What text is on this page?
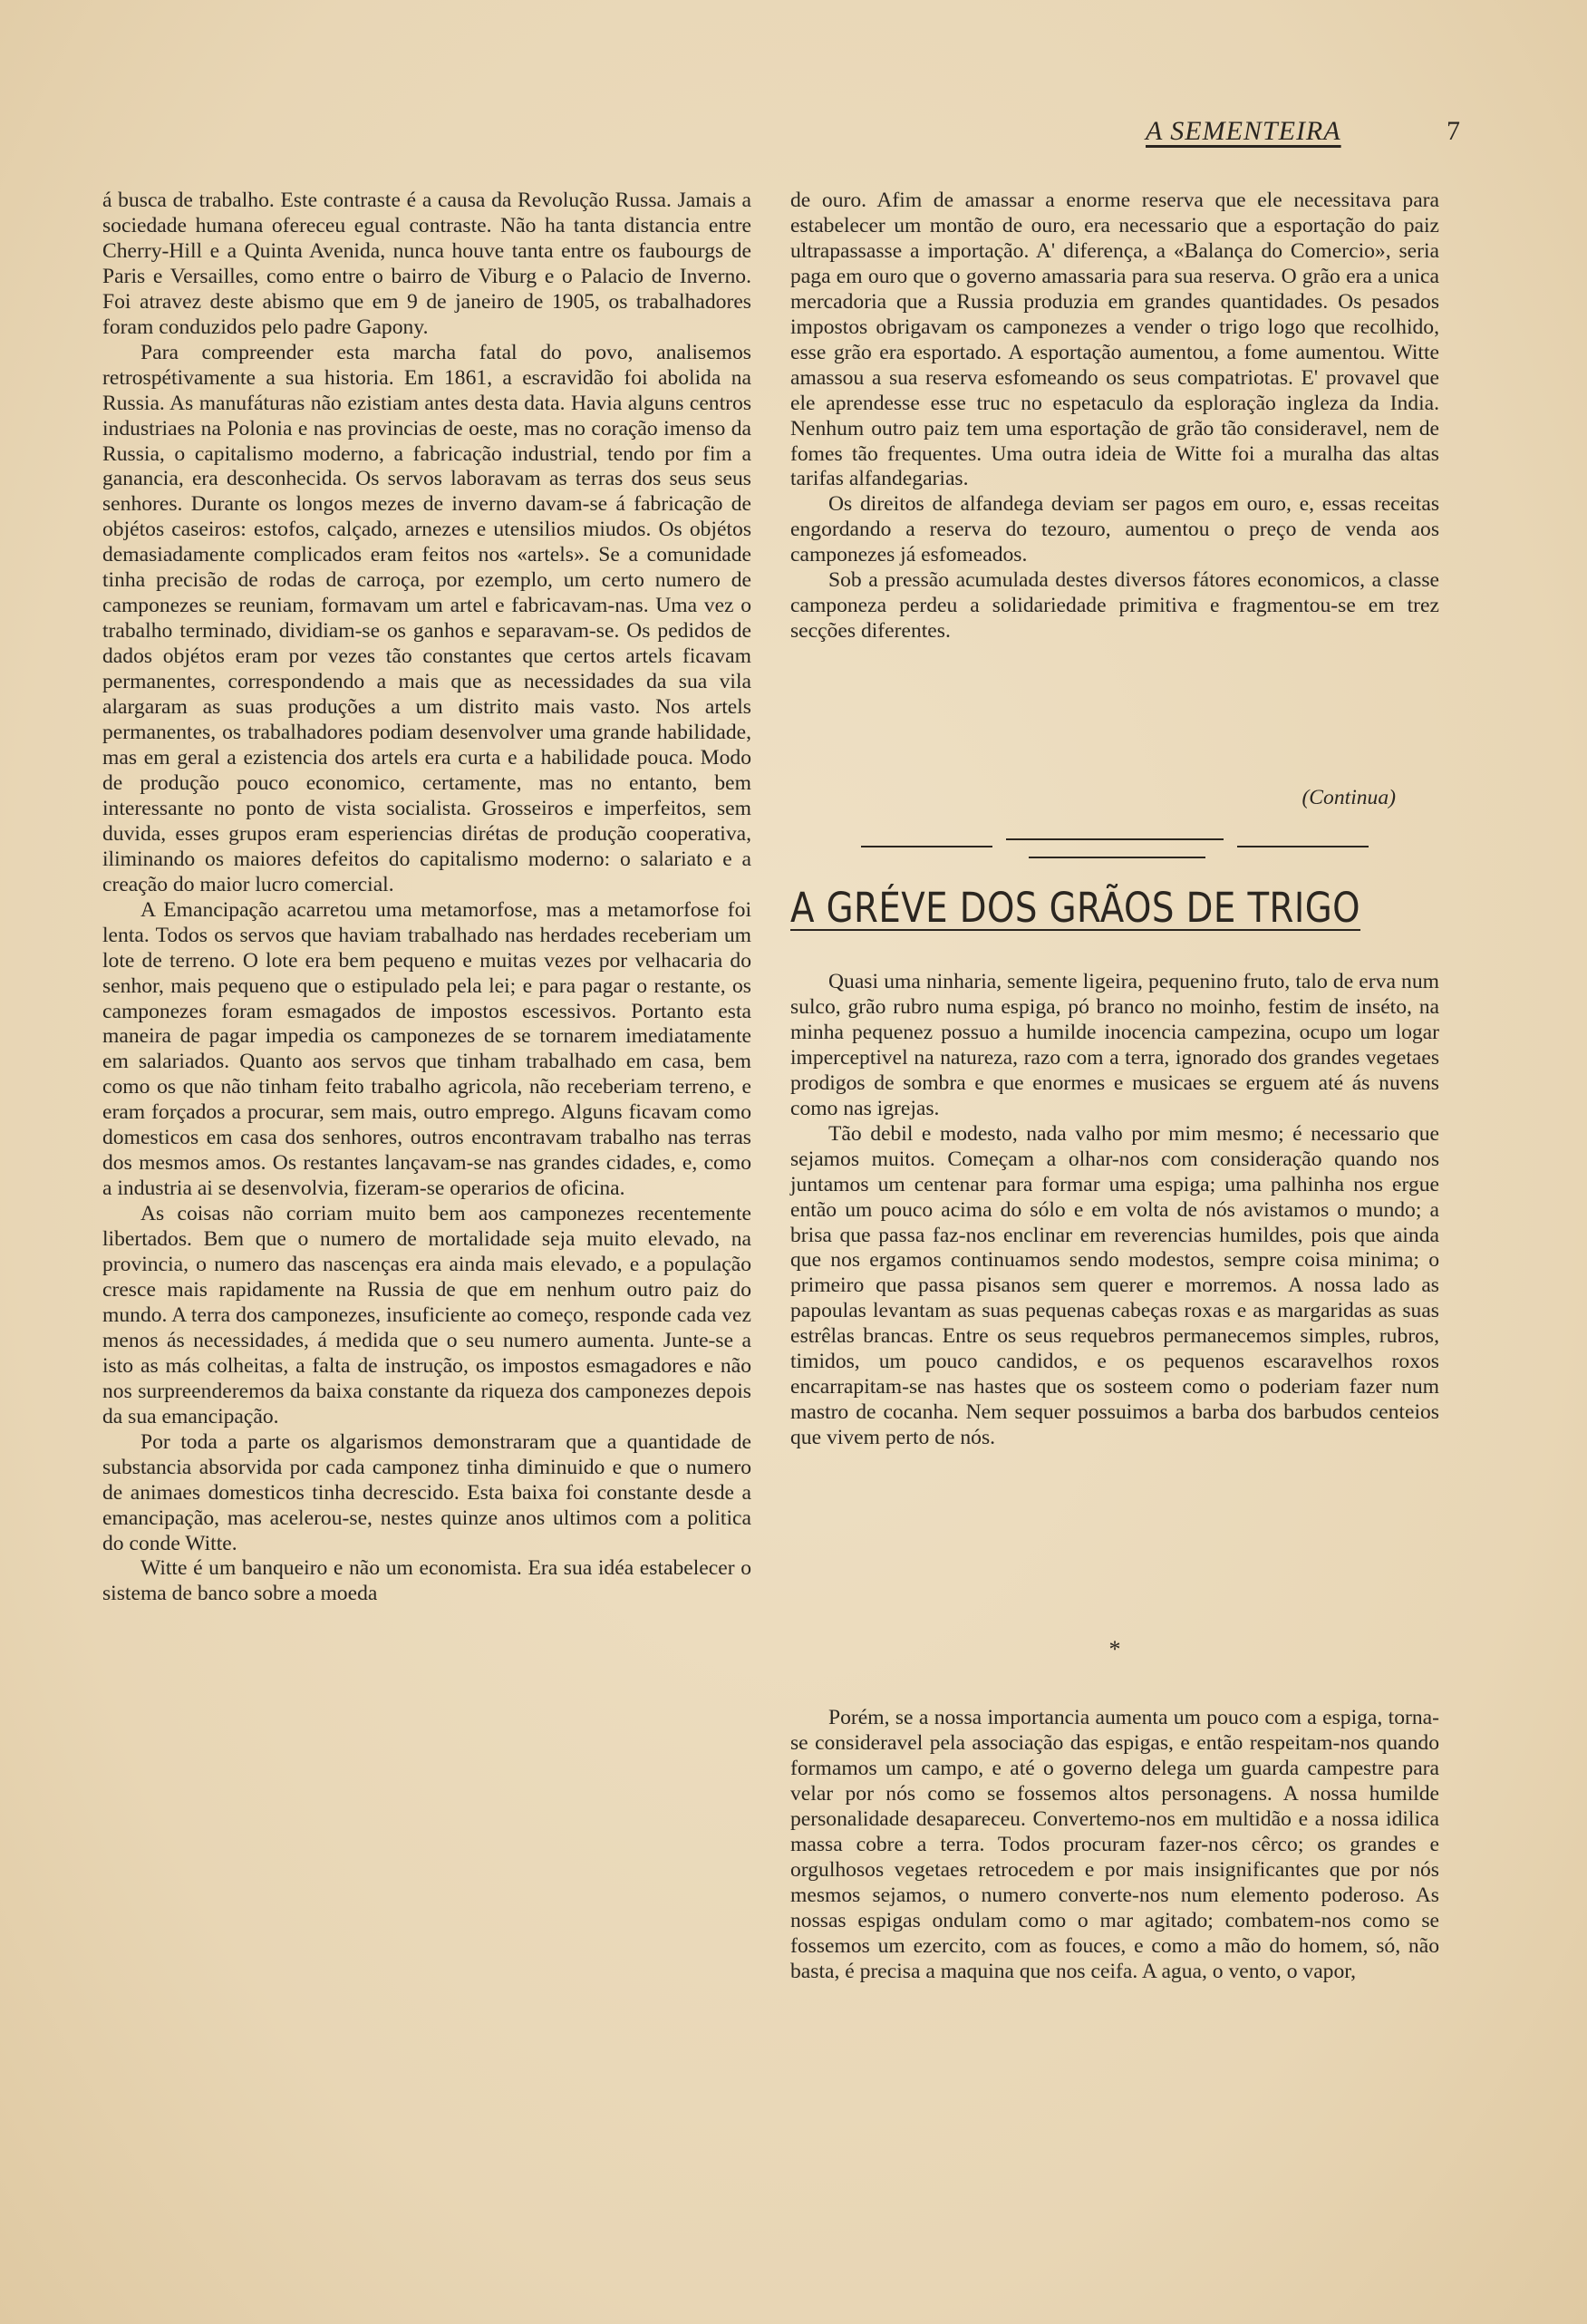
A SEMENTEIRA	7

á busca de trabalho. Este contraste é a causa da Revolução Russa. Jamais a sociedade humana ofereceu egual contraste. Não ha tanta distancia entre Cherry-Hill e a Quinta Avenida, nunca houve tanta entre os faubourgs de Paris e Versailles, como entre o bairro de Viburg e o Palacio de Inverno. Foi atravez deste abismo que em 9 de janeiro de 1905, os trabalhadores foram conduzidos pelo padre Gapony.

Para compreender esta marcha fatal do povo, analisemos retrospétivamente a sua historia. Em 1861, a escravidão foi abolida na Russia. As manufáturas não ezistiam antes desta data. Havia alguns centros industriaes na Polonia e nas provincias de oeste, mas no coração imenso da Russia, o capitalismo moderno, a fabricação industrial, tendo por fim a ganancia, era desconhecida. Os servos laboravam as terras dos seus seus senhores. Durante os longos mezes de inverno davam-se á fabricação de objétos caseiros: estofos, calçado, arnezes e utensilios miudos. Os objétos demasiadamente complicados eram feitos nos «artels». Se a comunidade tinha precisão de rodas de carroça, por ezemplo, um certo numero de camponezes se reuniam, formavam um artel e fabricavam-nas. Uma vez o trabalho terminado, dividiam-se os ganhos e separavam-se. Os pedidos de dados objétos eram por vezes tão constantes que certos artels ficavam permanentes, correspondendo a mais que as necessidades da sua vila alargaram as suas produções a um distrito mais vasto. Nos artels permanentes, os trabalhadores podiam desenvolver uma grande habilidade, mas em geral a ezistencia dos artels era curta e a habilidade pouca. Modo de produção pouco economico, certamente, mas no entanto, bem interessante no ponto de vista socialista. Grosseiros e imperfeitos, sem duvida, esses grupos eram esperiencias dirétas de produção cooperativa, iliminando os maiores defeitos do capitalismo moderno: o salariato e a creação do maior lucro comercial.

A Emancipação acarretou uma metamorfose, mas a metamorfose foi lenta. Todos os servos que haviam trabalhado nas herdades receberiam um lote de terreno. O lote era bem pequeno e muitas vezes por velhacaria do senhor, mais pequeno que o estipulado pela lei; e para pagar o restante, os camponezes foram esmagados de impostos escessivos. Portanto esta maneira de pagar impedia os camponezes de se tornarem imediatamente em salariados. Quanto aos servos que tinham trabalhado em casa, bem como os que não tinham feito trabalho agricola, não receberiam terreno, e eram forçados a procurar, sem mais, outro emprego. Alguns ficavam como domesticos em casa dos senhores, outros encontravam trabalho nas terras dos mesmos amos. Os restantes lançavam-se nas grandes cidades, e, como a industria ai se desenvolvia, fizeram-se operarios de oficina.

As coisas não corriam muito bem aos camponezes recentemente libertados. Bem que o numero de mortalidade seja muito elevado, na provincia, o numero das nascenças era ainda mais elevado, e a população cresce mais rapidamente na Russia de que em nenhum outro paiz do mundo. A terra dos camponezes, insuficiente ao começo, responde cada vez menos ás necessidades, á medida que o seu numero aumenta. Junte-se a isto as más colheitas, a falta de instrução, os impostos esmagadores e não nos surpreenderemos da baixa constante da riqueza dos camponezes depois da sua emancipação.

Por toda a parte os algarismos demonstraram que a quantidade de substancia absorvida por cada camponez tinha diminuido e que o numero de animaes domesticos tinha decrescido. Esta baixa foi constante desde a emancipação, mas acelerou-se, nestes quinze anos ultimos com a politica do conde Witte.

Witte é um banqueiro e não um economista. Era sua idéa estabelecer o sistema de banco sobre a moeda

de ouro. Afim de amassar a enorme reserva que ele necessitava para estabelecer um montão de ouro, era necessario que a esportação do paiz ultrapassasse a importação. A' diferença, a «Balança do Comercio», seria paga em ouro que o governo amassaria para sua reserva. O grão era a unica mercadoria que a Russia produzia em grandes quantidades. Os pesados impostos obrigavam os camponezes a vender o trigo logo que recolhido, esse grão era esportado. A esportação aumentou, a fome aumentou. Witte amassou a sua reserva esfomeando os seus compatriotas. E' provavel que ele aprendesse esse truc no espetaculo da esploração ingleza da India. Nenhum outro paiz tem uma esportação de grão tão consideravel, nem de fomes tão frequentes. Uma outra ideia de Witte foi a muralha das altas tarifas alfandegarias.

Os direitos de alfandega deviam ser pagos em ouro, e, essas receitas engordando a reserva do tezouro, aumentou o preço de venda aos camponezes já esfomeados.

Sob a pressão acumulada destes diversos fátores economicos, a classe camponeza perdeu a solidariedade primitiva e fragmentou-se em trez secções diferentes.

(Continua)
A GRÉVE DOS GRÃOS DE TRIGO

Quasi uma ninharia, semente ligeira, pequenino fruto, talo de erva num sulco, grão rubro numa espiga, pó branco no moinho, festim de inséto, na minha pequenez possuo a humilde inocencia campezina, ocupo um logar imperceptivel na natureza, razo com a terra, ignorado dos grandes vegetaes prodigos de sombra e que enormes e musicaes se erguem até ás nuvens como nas igrejas.

Tão debil e modesto, nada valho por mim mesmo; é necessario que sejamos muitos. Começam a olhar-nos com consideração quando nos juntamos um centenar para formar uma espiga; uma palhinha nos ergue então um pouco acima do sólo e em volta de nós avistamos o mundo; a brisa que passa faz-nos enclinar em reverencias humildes, pois que ainda que nos ergamos continuamos sendo modestos, sempre coisa minima; o primeiro que passa pisanos sem querer e morremos. A nossa lado as papoulas levantam as suas pequenas cabeças roxas e as margaridas as suas estrêlas brancas. Entre os seus requebros permanecemos simples, rubros, timidos, um pouco candidos, e os pequenos escaravelhos roxos encarrapitam-se nas hastes que os sosteem como o poderiam fazer num mastro de cocanha. Nem sequer possuimos a barba dos barbudos centeios que vivem perto de nós.

*

Porém, se a nossa importancia aumenta um pouco com a espiga, torna-se consideravel pela associação das espigas, e então respeitam-nos quando formamos um campo, e até o governo delega um guarda campestre para velar por nós como se fossemos altos personagens. A nossa humilde personalidade desapareceu. Convertemo-nos em multidão e a nossa idilica massa cobre a terra. Todos procuram fazer-nos cêrco; os grandes e orgulhosos vegetaes retrocedem e por mais insignificantes que por nós mesmos sejamos, o numero converte-nos num elemento poderoso. As nossas espigas ondulam como o mar agitado; combatem-nos como se fossemos um ezercito, com as fouces, e como a mão do homem, só, não basta, é precisa a maquina que nos ceifa. A agua, o vento, o vapor,
